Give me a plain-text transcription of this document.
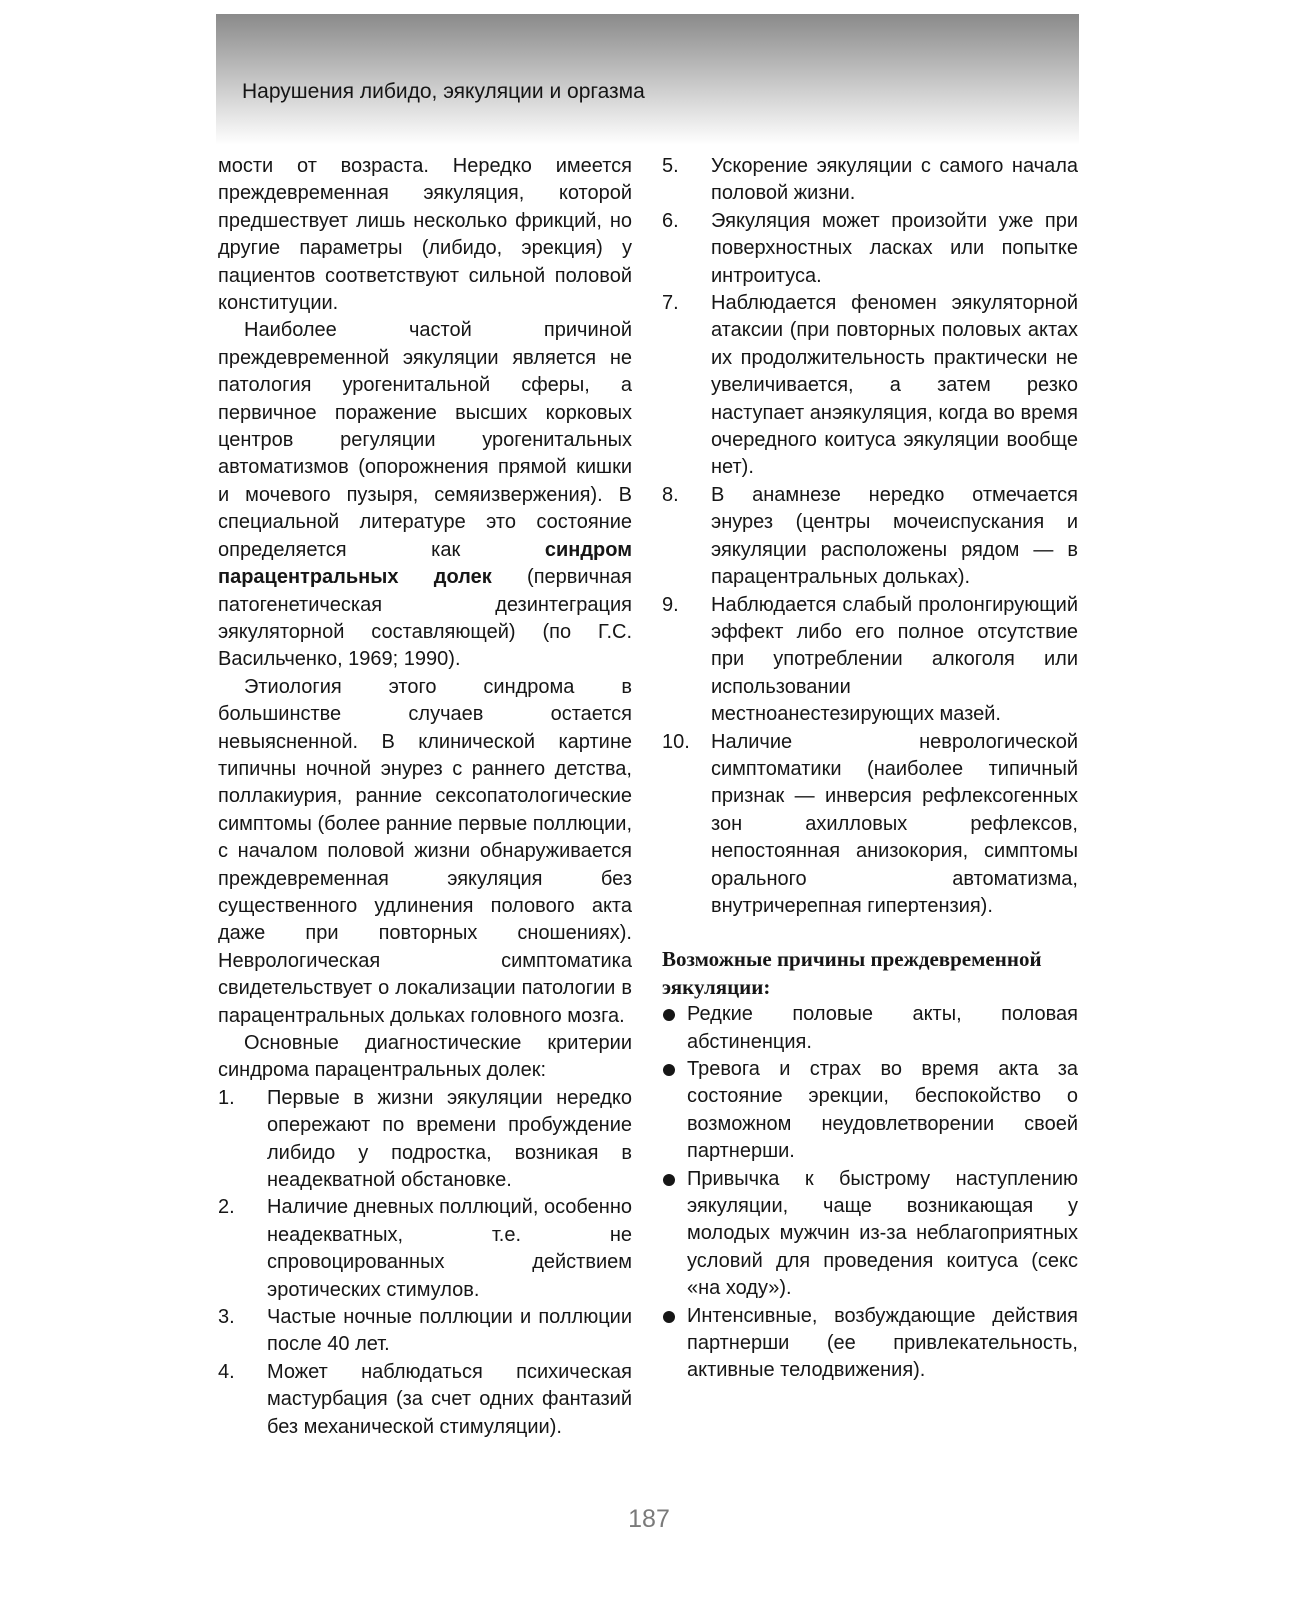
Нарушения либидо, эякуляции и оргазма

мости от возраста. Нередко имеется преждевременная эякуляция, которой предшествует лишь несколько фрикций, но другие параметры (либидо, эрекция) у пациентов соответствуют сильной половой конституции.

Наиболее частой причиной преждевременной эякуляции является не патология урогенитальной сферы, а первичное поражение высших корковых центров регуляции урогенитальных автоматизмов (опорожнения прямой кишки и мочевого пузыря, семяизвержения). В специальной литературе это состояние определяется как	синдром парацентральных долек (первичная патогенетическая дезинтеграция эякуляторной составляющей) (по Г.С. Васильченко, 1969; 1990).

Этиология этого синдрома в большинстве случаев остается невыясненной. В клинической картине типичны ночной энурез с раннего детства, поллакиурия, ранние сексопатологические симптомы (более ранние первые поллюции, с началом половой жизни обнаруживается преждевременная эякуляция без существенного удлинения полового акта даже при повторных сношениях). Неврологическая симптоматика свидетельствует о локализации патологии в парацентральных дольках головного мозга.

Основные диагностические критерии синдрома парацентральных долек:

1. Первые в жизни эякуляции нередко опережают по времени пробуждение либидо у подростка, возникая в неадекватной обстановке.
2. Наличие дневных поллюций, особенно неадекватных, т.е. не спровоцированных действием эротических стимулов.
3. Частые ночные поллюции и поллюции после 40 лет.
4. Может наблюдаться психическая мастурбация (за счет одних фантазий без механической стимуляции).
5. Ускорение эякуляции с самого начала половой жизни.
6. Эякуляция может произойти уже при поверхностных ласках или попытке интроитуса.
7. Наблюдается феномен эякуляторной атаксии (при повторных половых актах их продолжительность практически не увеличивается, а затем резко наступает анэякуляция, когда во время очередного коитуса эякуляции вообще нет).
8. В анамнезе нередко отмечается энурез (центры мочеиспускания и эякуляции расположены рядом — в парацентральных дольках).
9. Наблюдается слабый пролонгирующий эффект либо его полное отсутствие при употреблении алкоголя или использовании местноанестезирующих мазей.
10. Наличие неврологической симптоматики (наиболее типичный признак — инверсия рефлексогенных зон ахилловых рефлексов, непостоянная анизокория, симптомы орального автоматизма, внутричерепная гипертензия).
Возможные причины преждевременной эякуляции:
Редкие половые акты, половая абстиненция.
Тревога и страх во время акта за состояние эрекции, беспокойство о возможном неудовлетворении своей партнерши.
Привычка к быстрому наступлению эякуляции, чаще возникающая у молодых мужчин из-за неблагоприятных условий для проведения коитуса (секс «на ходу»).
Интенсивные, возбуждающие действия партнерши (ее привлекательность, активные телодвижения).
187
